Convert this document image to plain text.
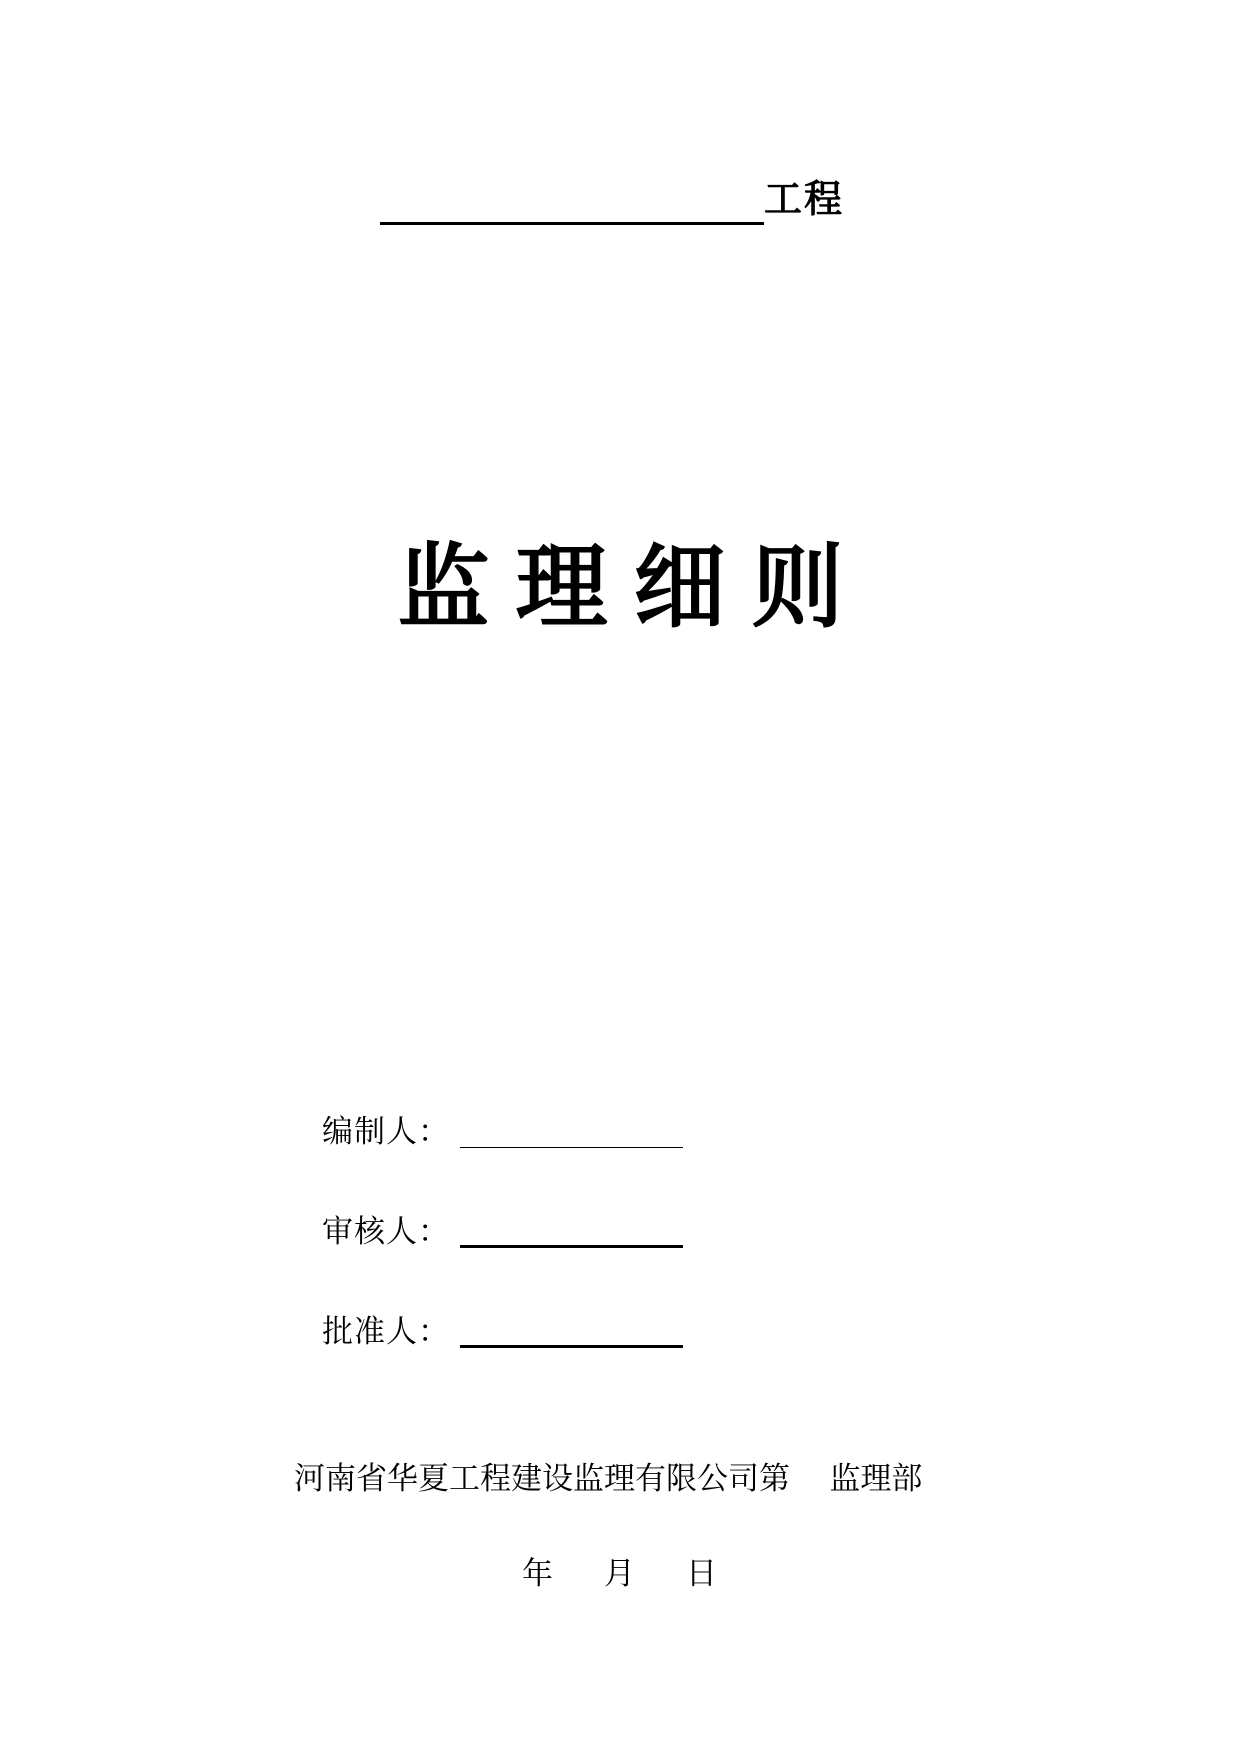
工程
监理细则
编制人 ：
审核人 ：
批准人 ：
河南省华夏工程建设监理有限公司第 监理部
年	月	日
